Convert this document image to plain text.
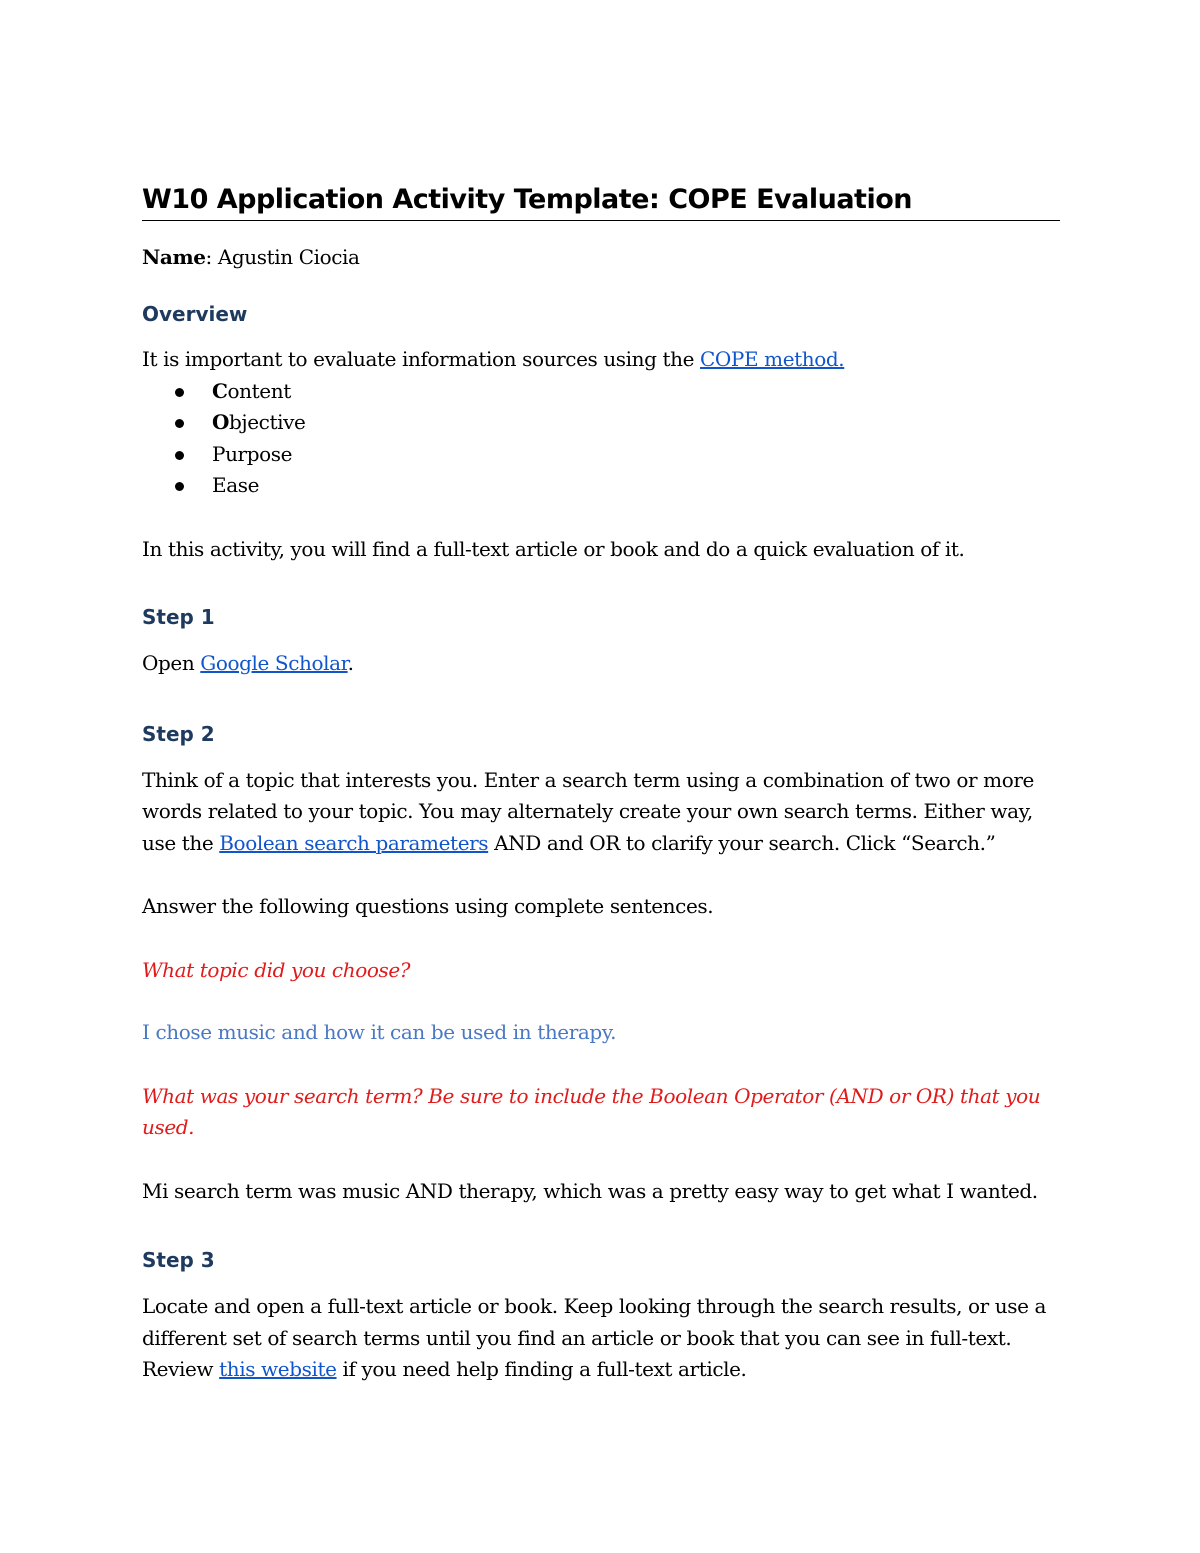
W10 Application Activity Template: COPE Evaluation

Name: Agustin Ciocia

Overview

It is important to evaluate information sources using the COPE method.

Content
Objective
Purpose
Ease

In this activity, you will find a full-text article or book and do a quick evaluation of it.

Step 1

Open Google Scholar.

Step 2

Think of a topic that interests you. Enter a search term using a combination of two or more words related to your topic. You may alternately create your own search terms. Either way, use the Boolean search parameters AND and OR to clarify your search. Click “Search.”

Answer the following questions using complete sentences.

What topic did you choose?

I chose music and how it can be used in therapy.

What was your search term? Be sure to include the Boolean Operator (AND or OR) that you used.

Mi search term was music AND therapy, which was a pretty easy way to get what I wanted.

Step 3

Locate and open a full-text article or book. Keep looking through the search results, or use a different set of search terms until you find an article or book that you can see in full-text. Review this website if you need help finding a full-text article.
